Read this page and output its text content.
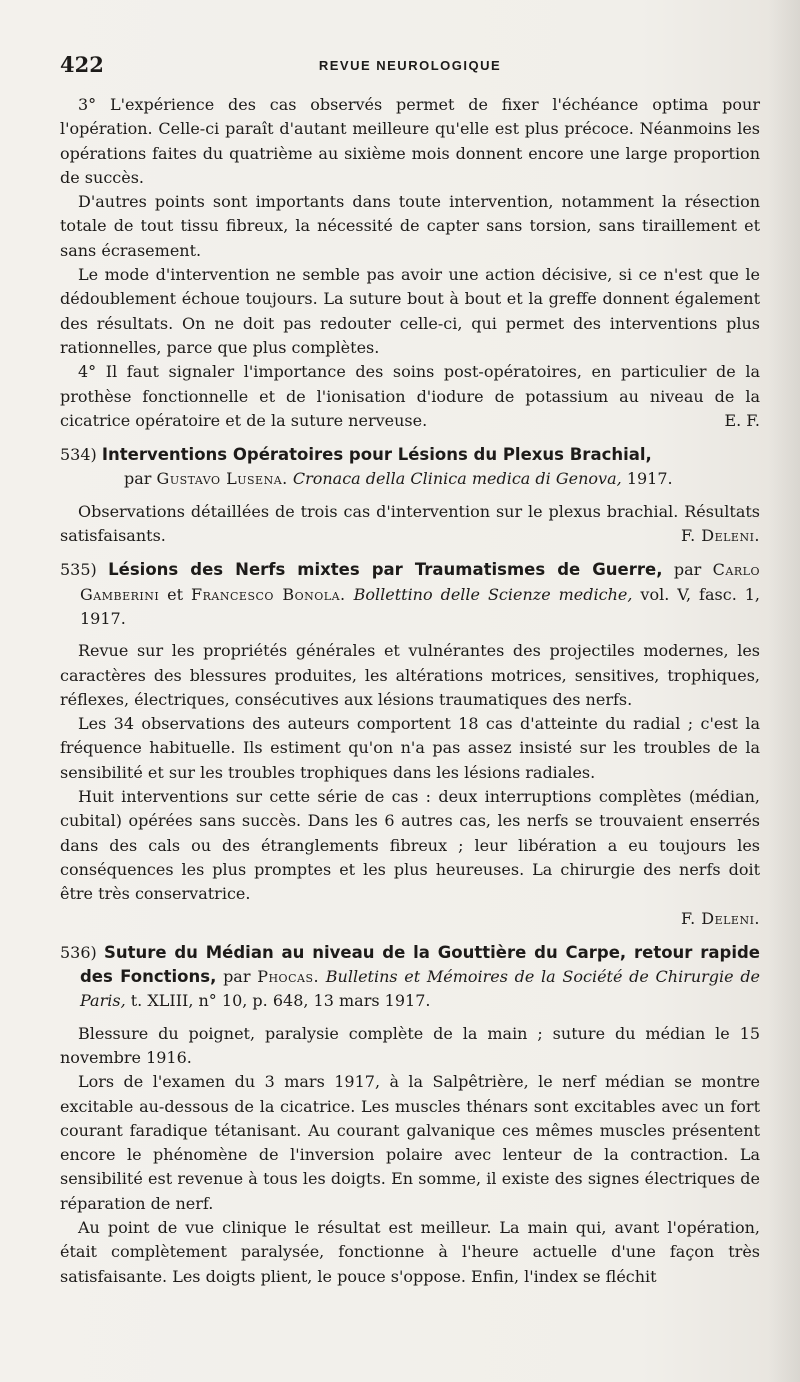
422	REVUE NEUROLOGIQUE

3° L'expérience des cas observés permet de fixer l'échéance optima pour l'opération. Celle-ci paraît d'autant meilleure qu'elle est plus précoce. Néanmoins les opérations faites du quatrième au sixième mois donnent encore une large proportion de succès.

D'autres points sont importants dans toute intervention, notamment la résection totale de tout tissu fibreux, la nécessité de capter sans torsion, sans tiraillement et sans écrasement.

Le mode d'intervention ne semble pas avoir une action décisive, si ce n'est que le dédoublement échoue toujours. La suture bout à bout et la greffe donnent également des résultats. On ne doit pas redouter celle-ci, qui permet des interventions plus rationnelles, parce que plus complètes.

4° Il faut signaler l'importance des soins post-opératoires, en particulier de la prothèse fonctionnelle et de l'ionisation d'iodure de potassium au niveau de la cicatrice opératoire et de la suture nerveuse.	E. F.

534) Interventions Opératoires pour Lésions du Plexus Brachial,
par Gustavo Lusena. Cronaca della Clinica medica di Genova, 1917.

Observations détaillées de trois cas d'intervention sur le plexus brachial. Résultats satisfaisants.	F. Deleni.

535) Lésions des Nerfs mixtes par Traumatismes de Guerre, par Carlo Gamberini et Francesco Bonola. Bollettino delle Scienze mediche, vol. V, fasc. 1, 1917.

Revue sur les propriétés générales et vulnérantes des projectiles modernes, les caractères des blessures produites, les altérations motrices, sensitives, trophiques, réflexes, électriques, consécutives aux lésions traumatiques des nerfs.

Les 34 observations des auteurs comportent 18 cas d'atteinte du radial ; c'est la fréquence habituelle. Ils estiment qu'on n'a pas assez insisté sur les troubles de la sensibilité et sur les troubles trophiques dans les lésions radiales.

Huit interventions sur cette série de cas : deux interruptions complètes (médian, cubital) opérées sans succès. Dans les 6 autres cas, les nerfs se trouvaient enserrés dans des cals ou des étranglements fibreux ; leur libération a eu toujours les conséquences les plus promptes et les plus heureuses. La chirurgie des nerfs doit être très conservatrice.

F. Deleni.

536) Suture du Médian au niveau de la Gouttière du Carpe, retour rapide des Fonctions, par Phocas. Bulletins et Mémoires de la Société de Chirurgie de Paris, t. XLIII, n° 10, p. 648, 13 mars 1917.

Blessure du poignet, paralysie complète de la main ; suture du médian le 15 novembre 1916.

Lors de l'examen du 3 mars 1917, à la Salpêtrière, le nerf médian se montre excitable au-dessous de la cicatrice. Les muscles thénars sont excitables avec un fort courant faradique tétanisant. Au courant galvanique ces mêmes muscles présentent encore le phénomène de l'inversion polaire avec lenteur de la contraction. La sensibilité est revenue à tous les doigts. En somme, il existe des signes électriques de réparation de nerf.

Au point de vue clinique le résultat est meilleur. La main qui, avant l'opération, était complètement paralysée, fonctionne à l'heure actuelle d'une façon très satisfaisante. Les doigts plient, le pouce s'oppose. Enfin, l'index se fléchit
